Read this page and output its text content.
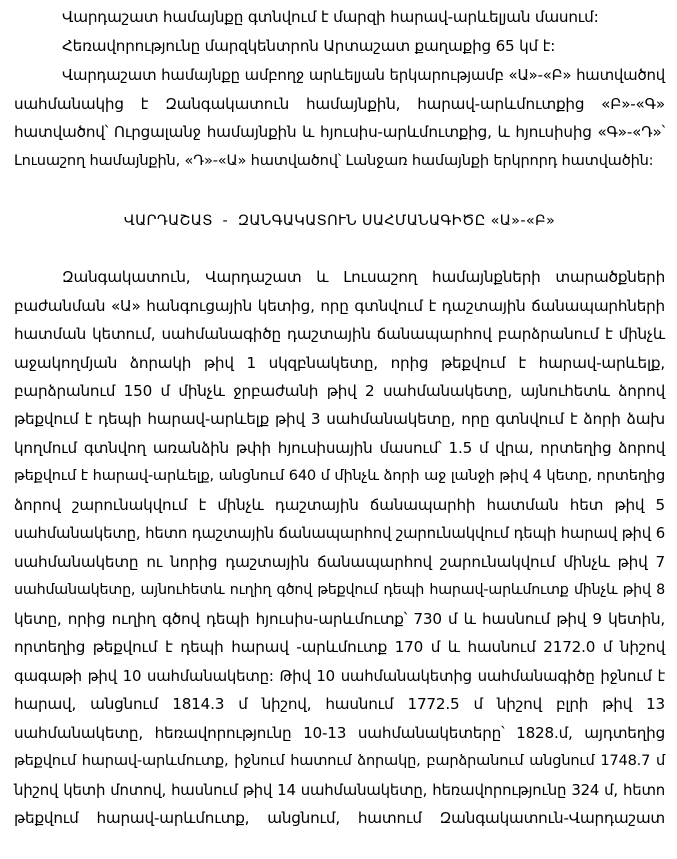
Վարդաշատ համայնքը գտնվում է մարզի հարավ-արևելյան մասում:
Հեռավորությունը մարզկենտրոն Արտաշատ քաղաքից 65 կմ է:
Վարդաշատ համայնքը ամբողջ արևելյան երկարությամբ «Ա»-«Բ» հատվածով
սահմանակից է Զանգակատուն համայնքին, հարավ-արևմուտքից «Բ»-«Գ»
հատվածով՝ Ուրցալանջ համայնքին և հյուսիս-արևմուտքից, և հյուսիսից «Գ»-«Դ»՝
Լուսաշող համայնքին, «Դ»-«Ա» հատվածով՝ Լանջառ համայնքի երկրորդ հատվածին:
ՎԱՐԴԱՇԱՏ  -  ԶԱՆԳԱԿԱՏՈՒՆ ՍԱՀՄԱՆԱԳԻԾԸ «Ա»-«Բ»
Զանգակատուն, Վարդաշատ և Լուսաշող համայնքների տարածքների
բաժանման «Ա» հանգուցային կետից, որը գտնվում է դաշտային ճանապարհների
հատման կետում, սահմանագիծը դաշտային ճանապարհով բարձրանում է մինչև
աջակողմյան ձորակի թիվ 1 սկզբնակետը, որից թեքվում է հարավ-արևելք,
բարձրանում 150 մ մինչև ջրբաժանի թիվ 2 սահմանակետը, այնուհետև ձորով
թեքվում է դեպի հարավ-արևելք թիվ 3 սահմանակետը, որը գտնվում է ձորի ձախ
կողմում գտնվող առանձին թփի հյուսիսային մասում՝ 1.5 մ վրա, որտեղից ձորով
թեքվում է հարավ-արևելք, անցնում 640 մ մինչև ձորի աջ լանջի թիվ 4 կետը, որտեղից
ձորով շարունակվում է մինչև դաշտային ճանապարհի հատման հետ թիվ 5
սահմանակետը, հետո դաշտային ճանապարհով շարունակվում դեպի հարավ թիվ 6
սահմանակետը ու նորից դաշտային ճանապարհով շարունակվում մինչև թիվ 7
սահմանակետը, այնուհետև ուղիղ գծով թեքվում դեպի հարավ-արևմուտք մինչև թիվ 8
կետը, որից ուղիղ գծով դեպի հյուսիս-արևմուտք՝ 730 մ և հասնում թիվ 9 կետին,
որտեղից թեքվում է դեպի հարավ -արևմուտք 170 մ և հասնում 2172.0 մ նիշով
գագաթի թիվ 10 սահմանակետը: Թիվ 10 սահմանակետից սահմանագիծը իջնում է
հարավ, անցնում 1814.3 մ նիշով, հասնում 1772.5 մ նիշով բլրի թիվ 13
սահմանակետը, հեռավորությունը 10-13 սահմանակետերը՝ 1828.մ, այդտեղից
թեքվում հարավ-արևմուտք, իջնում հատում ձորակը, բարձրանում անցնում 1748.7 մ
նիշով կետի մոտով, հասնում թիվ 14 սահմանակետը, հեռավորությունը 324 մ, հետո
թեքվում հարավ-արևմուտք, անցնում, հատում Զանգակատուն-Վարդաշատ
